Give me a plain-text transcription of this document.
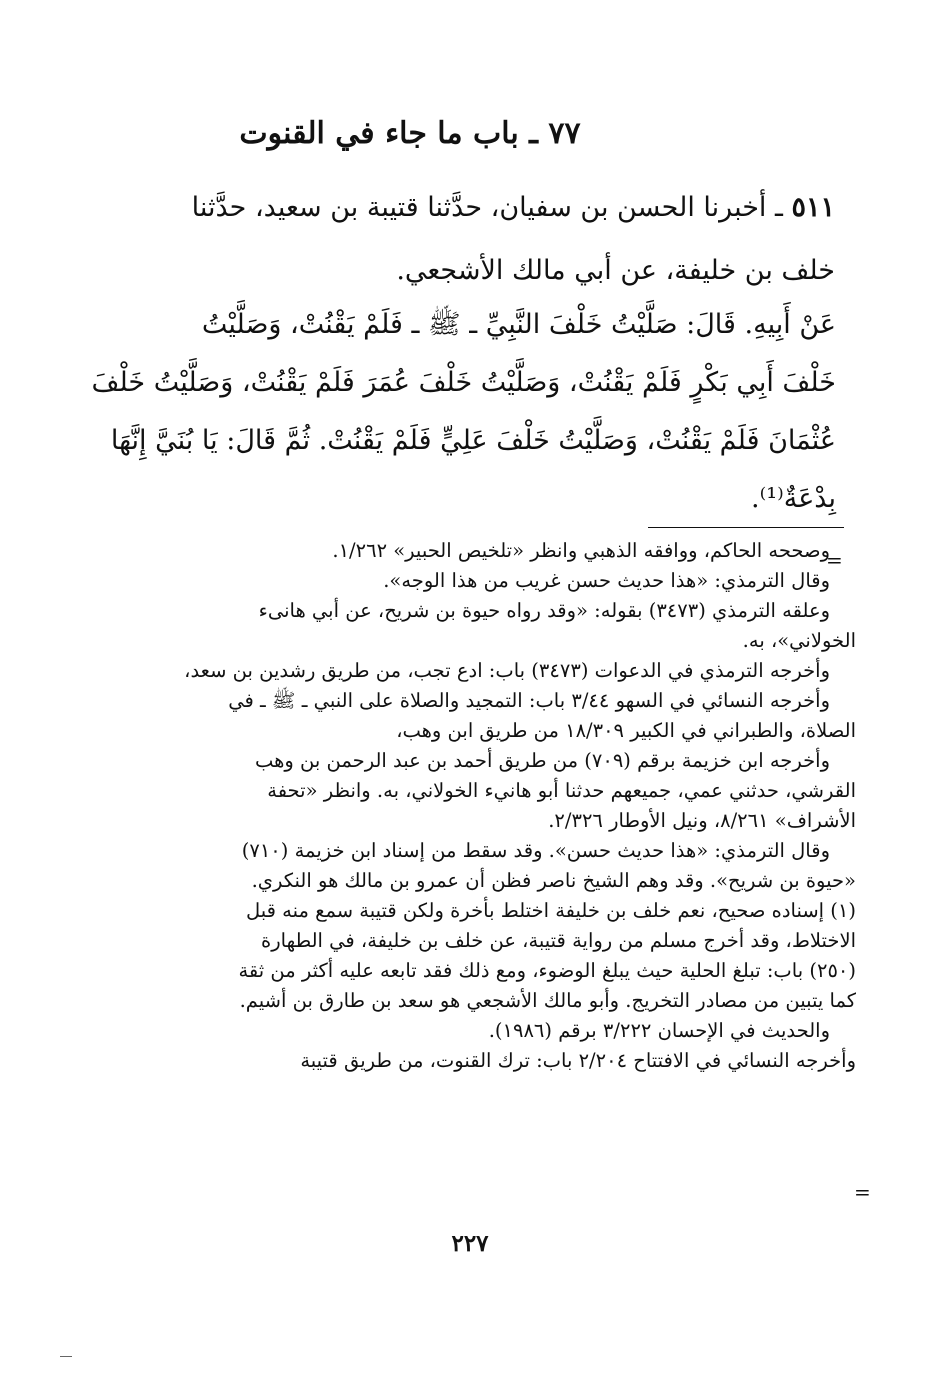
٧٧ ـ باب ما جاء في القنوت
٥١١ ـ أخبرنا الحسن بن سفيان، حدَّثنا قتيبة بن سعيد، حدَّثنا
خلف بن خليفة، عن أبي مالك الأشجعي.
عَنْ أَبِيهِ. قَالَ: صَلَّيْتُ خَلْفَ النَّبِيِّ ـ ﷺ ـ فَلَمْ يَقْنُتْ، وَصَلَّيْتُ
خَلْفَ أَبِي بَكْرٍ فَلَمْ يَقْنُتْ، وَصَلَّيْتُ خَلْفَ عُمَرَ فَلَمْ يَقْنُتْ، وَصَلَّيْتُ خَلْفَ
عُثْمَانَ فَلَمْ يَقْنُتْ، وَصَلَّيْتُ خَلْفَ عَلِيٍّ فَلَمْ يَقْنُتْ. ثُمَّ قَالَ: يَا بُنَيَّ إِنَّهَا
بِدْعَةٌ⁽¹⁾.
=
وصححه الحاكم، ووافقه الذهبي وانظر «تلخيص الحبير» ١/٢٦٢.
وقال الترمذي: «هذا حديث حسن غريب من هذا الوجه».
وعلقه الترمذي (٣٤٧٣) بقوله: «وقد رواه حيوة بن شريح، عن أبي هانىء
الخولاني»، به.
وأخرجه الترمذي في الدعوات (٣٤٧٣) باب: ادع تجب، من طريق رشدين بن سعد،
وأخرجه النسائي في السهو ٣/٤٤ باب: التمجيد والصلاة على النبي ـ ﷺ ـ في
الصلاة، والطبراني في الكبير ١٨/٣٠٩ من طريق ابن وهب،
وأخرجه ابن خزيمة برقم (٧٠٩) من طريق أحمد بن عبد الرحمن بن وهب
القرشي، حدثني عمي، جميعهم حدثنا أبو هانيء الخولاني، به. وانظر «تحفة
الأشراف» ٨/٢٦١، ونيل الأوطار ٢/٣٢٦.
وقال الترمذي: «هذا حديث حسن». وقد سقط من إسناد ابن خزيمة (٧١٠)
«حيوة بن شريح». وقد وهم الشيخ ناصر فظن أن عمرو بن مالك هو النكري.
(١) إسناده صحيح، نعم خلف بن خليفة اختلط بأخرة ولكن قتيبة سمع منه قبل
الاختلاط، وقد أخرج مسلم من رواية قتيبة، عن خلف بن خليفة، في الطهارة
(٢٥٠) باب: تبلغ الحلية حيث يبلغ الوضوء، ومع ذلك فقد تابعه عليه أكثر من ثقة
كما يتبين من مصادر التخريج. وأبو مالك الأشجعي هو سعد بن طارق بن أشيم.
والحديث في الإحسان ٣/٢٢٢ برقم (١٩٨٦).
وأخرجه النسائي في الافتتاح ٢/٢٠٤ باب: ترك القنوت، من طريق قتيبة
=
٢٢٧
